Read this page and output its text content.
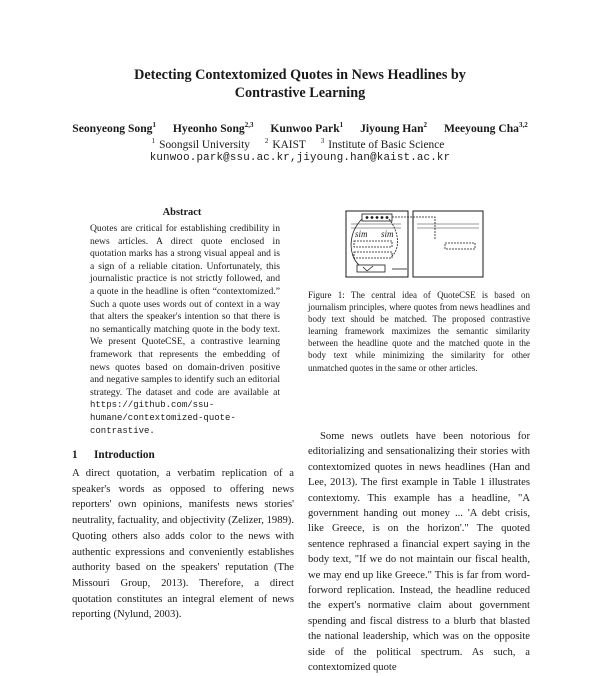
Detecting Contextomized Quotes in News Headlines by
Contrastive Learning
Seonyeong Song$^1$ Hyeonho Song$^{2,3}$ Kunwoo Park$^1$ Jiyoung Han$^2$ Meeyoung Cha$^{3,2}$
$^1$ Soongsil University $^2$ KAIST $^3$ Institute of Basic Science
kunwoo.park@ssu.ac.kr,jiyoung.han@kaist.ac.kr
Abstract
Quotes are critical for establishing credibility in news articles. A direct quote enclosed in quotation marks has a strong visual appeal and is a sign of a reliable citation. Unfortunately, this journalistic practice is not strictly followed, and a quote in the headline is often “contextomized.” Such a quote uses words out of context in a way that alters the speaker's intention so that there is no semantically matching quote in the body text. We present QuoteCSE, a contrastive learning framework that represents the embedding of news quotes based on domain-driven positive and negative samples to identify such an editorial strategy. The dataset and code are available at https://github.com/ssu-humane/contextomized-quote-contrastive.
1 Introduction
A direct quotation, a verbatim replication of a speaker's words as opposed to offering news reporters' own opinions, manifests news stories' neutrality, factuality, and objectivity (Zelizer, 1989). Quoting others also adds color to the news with authentic expressions and conveniently establishes authority based on the speakers' reputation (The Missouri Group, 2013). Therefore, a direct quotation constitutes an integral element of news reporting (Nylund, 2003).
sim sim
Figure 1: The central idea of QuoteCSE is based on journalism principles, where quotes from news headlines and body text should be matched. The proposed contrastive learning framework maximizes the semantic similarity between the headline quote and the matched quote in the body text while minimizing the similarity for other unmatched quotes in the same or other articles.

Some news outlets have been notorious for editorializing and sensationalizing their stories with contextomized quotes in news headlines (Han and Lee, 2013). The first example in Table 1 illustrates contextomy. This example has a headline, "A government handing out money ... 'A debt crisis, like Greece, is on the horizon'." The quoted sentence rephrased a financial expert saying in the body text, "If we do not maintain our fiscal health, we may end up like Greece." This is far from word-forword replication. Instead, the headline reduced the expert's normative claim about government spending and fiscal distress to a blurb that blasted the national leadership, which was on the opposite side of the political spectrum. As such, a contextomized quote
